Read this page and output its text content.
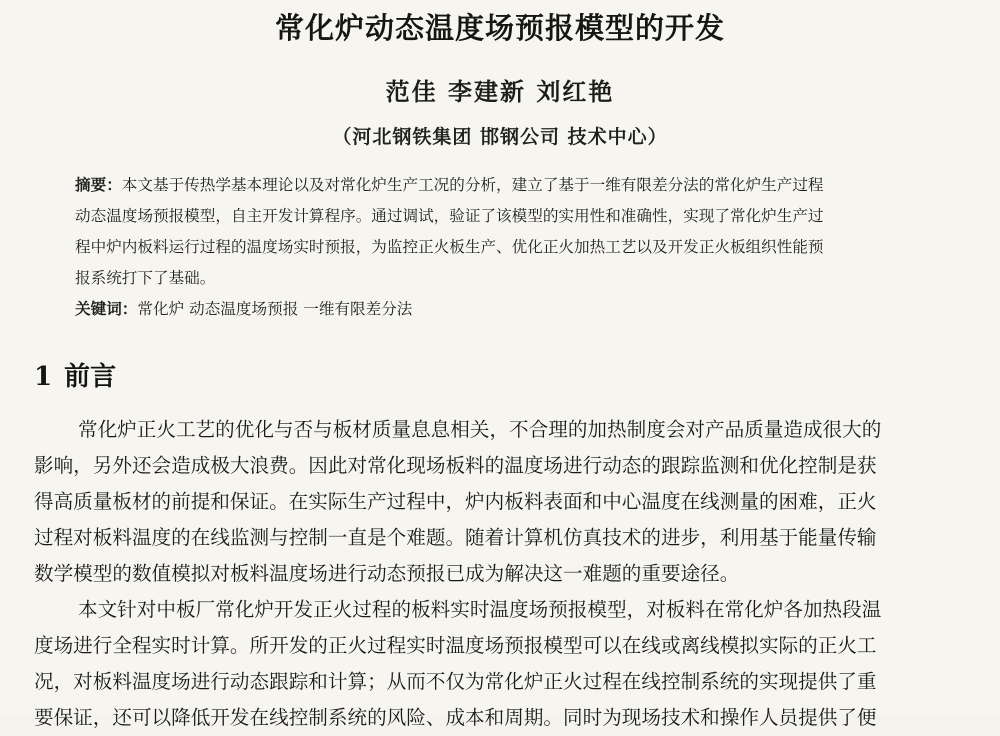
常化炉动态温度场预报模型的开发
范佳 李建新 刘红艳
（河北钢铁集团 邯钢公司 技术中心）
摘要：本文基于传热学基本理论以及对常化炉生产工况的分析，建立了基于一维有限差分法的常化炉生产过程
动态温度场预报模型，自主开发计算程序。通过调试，验证了该模型的实用性和准确性，实现了常化炉生产过
程中炉内板料运行过程的温度场实时预报，为监控正火板生产、优化正火加热工艺以及开发正火板组织性能预
报系统打下了基础。
关键词：常化炉 动态温度场预报 一维有限差分法
1 前言
常化炉正火工艺的优化与否与板材质量息息相关，不合理的加热制度会对产品质量造成很大的
影响，另外还会造成极大浪费。因此对常化现场板料的温度场进行动态的跟踪监测和优化控制是获
得高质量板材的前提和保证。在实际生产过程中，炉内板料表面和中心温度在线测量的困难，正火
过程对板料温度的在线监测与控制一直是个难题。随着计算机仿真技术的进步，利用基于能量传输
数学模型的数值模拟对板料温度场进行动态预报已成为解决这一难题的重要途径。
本文针对中板厂常化炉开发正火过程的板料实时温度场预报模型，对板料在常化炉各加热段温
度场进行全程实时计算。所开发的正火过程实时温度场预报模型可以在线或离线模拟实际的正火工
况，对板料温度场进行动态跟踪和计算；从而不仅为常化炉正火过程在线控制系统的实现提供了重
要保证，还可以降低开发在线控制系统的风险、成本和周期。同时为现场技术和操作人员提供了便
